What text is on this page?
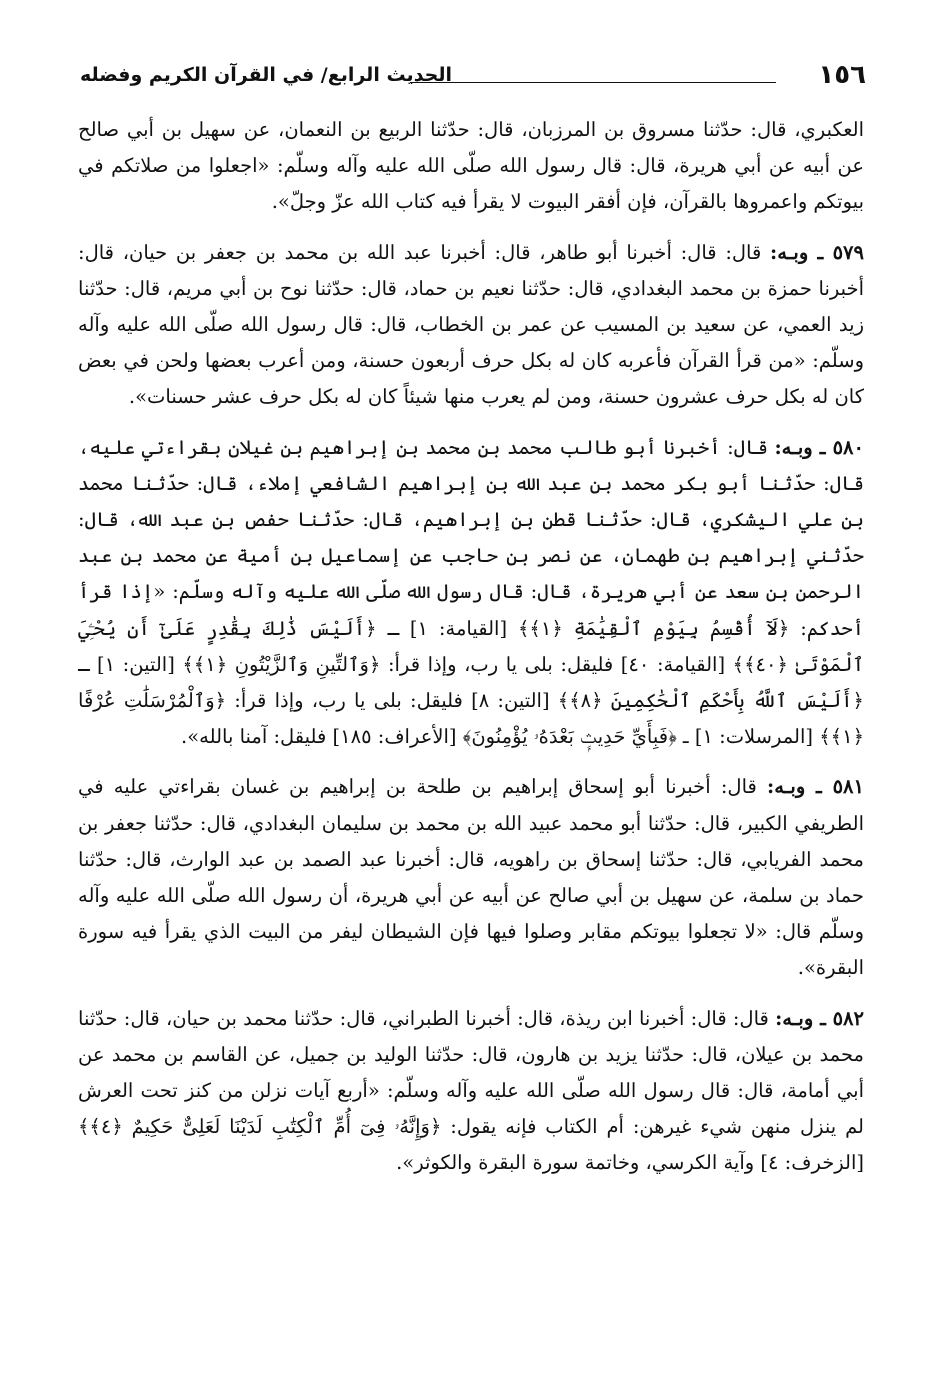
١٥٦
الحديث الرابع/ في القرآن الكريم وفضله

العكبري، قال: حدّثنا مسروق بن المرزبان، قال: حدّثنا الربيع بن النعمان، عن سهيل بن أبي صالح عن أبيه عن أبي هريرة، قال: قال رسول الله صلّى الله عليه وآله وسلّم: «اجعلوا من صلاتكم في بيوتكم واعمروها بالقرآن، فإن أفقر البيوت لا يقرأ فيه كتاب الله عزّ وجلّ».

٥٧٩ ـ وبـه: قال: قال: أخبرنا أبو طاهر، قال: أخبرنا عبد الله بن محمد بن جعفر بن حيان، قال: أخبرنا حمزة بن محمد البغدادي، قال: حدّثنا نعيم بن حماد، قال: حدّثنا نوح بن أبي مريم، قال: حدّثنا زيد العمي، عن سعيد بن المسيب عن عمر بن الخطاب، قال: قال رسول الله صلّى الله عليه وآله وسلّم: «من قرأ القرآن فأعربه كان له بكل حرف أربعون حسنة، ومن أعرب بعضها ولحن في بعض كان له بكل حرف عشرون حسنة، ومن لم يعرب منها شيئاً كان له بكل حرف عشر حسنات».

٥٨٠ ـ وبـه: قال: أخبرنا أبو طالب محمد بن محمد بن إبراهيم بن غيلان بقراءتي عليه، قال: حدّثنا أبو بكر محمد بن عبد الله بن إبراهيم الشافعي إملاء، قال: حدّثنا محمد بن علي اليشكري، قال: حدّثنا قطن بن إبراهيم، قال: حدّثنا حفص بن عبد الله، قال: حدّثني إبراهيم بن طهمان، عن نصر بن حاجب عن إسماعيل بن أمية عن محمد بن عبد الرحمن بن سعد عن أبي هريرة، قال: قال رسول الله صلّى الله عليه وآله وسلّم: «إذا قرأ أحدكم: ﴿لَآ أُقْسِمُ بِيَوْمِ ٱلْقِيَٰمَةِ ﴿١﴾﴾ [القيامة: ١] ـ ﴿أَلَيْسَ ذَٰلِكَ بِقَٰدِرٍ عَلَىٰٓ أَن يُحْـِۧيَ ٱلْمَوْتَىٰ ﴿٤٠﴾﴾ [القيامة: ٤٠] فليقل: بلى يا رب، وإذا قرأ: ﴿وَٱلتِّينِ وَٱلزَّيْتُونِ ﴿١﴾﴾ [التين: ١] ـ ﴿أَلَيْسَ ٱللَّهُ بِأَحْكَمِ ٱلْحَٰكِمِينَ ﴿٨﴾﴾ [التين: ٨] فليقل: بلى يا رب، وإذا قرأ: ﴿وَٱلْمُرْسَلَٰتِ عُرْفًا ﴿١﴾﴾ [المرسلات: ١] ـ ﴿فَبِأَيِّ حَدِيثِۭ بَعْدَهُۥ يُؤْمِنُونَ﴾ [الأعراف: ١٨٥] فليقل: آمنا بالله».

٥٨١ ـ وبـه: قال: أخبرنا أبو إسحاق إبراهيم بن طلحة بن إبراهيم بن غسان بقراءتي عليه في الطريفي الكبير، قال: حدّثنا أبو محمد عبيد الله بن محمد بن سليمان البغدادي، قال: حدّثنا جعفر بن محمد الفريابي، قال: حدّثنا إسحاق بن راهويه، قال: أخبرنا عبد الصمد بن عبد الوارث، قال: حدّثنا حماد بن سلمة، عن سهيل بن أبي صالح عن أبيه عن أبي هريرة، أن رسول الله صلّى الله عليه وآله وسلّم قال: «لا تجعلوا بيوتكم مقابر وصلوا فيها فإن الشيطان ليفر من البيت الذي يقرأ فيه سورة البقرة».

٥٨٢ ـ وبـه: قال: قال: أخبرنا ابن ريذة، قال: أخبرنا الطبراني، قال: حدّثنا محمد بن حيان، قال: حدّثنا محمد بن عيلان، قال: حدّثنا يزيد بن هارون، قال: حدّثنا الوليد بن جميل، عن القاسم بن محمد عن أبي أمامة، قال: قال رسول الله صلّى الله عليه وآله وسلّم: «أربع آيات نزلن من كنز تحت العرش لم ينزل منهن شيء غيرهن: أم الكتاب فإنه يقول: ﴿وَإِنَّهُۥ فِىٓ أُمِّ ٱلْكِتَٰبِ لَدَيْنَا لَعَلِىٌّ حَكِيمٌ ﴿٤﴾﴾ [الزخرف: ٤] وآية الكرسي، وخاتمة سورة البقرة والكوثر».
